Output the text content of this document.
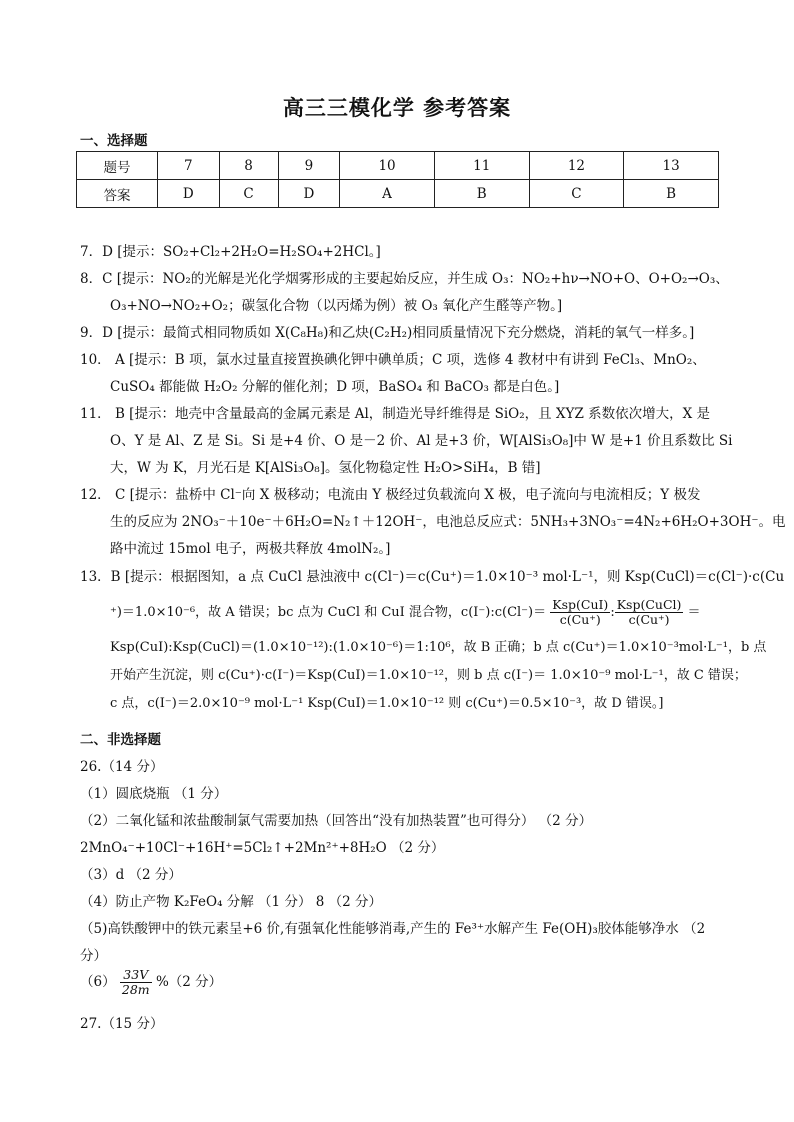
高三三模化学 参考答案
一、选择题
题号	7	8	9	10	11	12	13
答案	D	C	D	A	B	C	B
7．D [提示：SO₂+Cl₂+2H₂O=H₂SO₄+2HCl。]
8．C [提示：NO₂的光解是光化学烟雾形成的主要起始反应，并生成 O₃：NO₂+hν→NO+O、O+O₂→O₃、
O₃+NO→NO₂+O₂；碳氢化合物（以丙烯为例）被 O₃ 氧化产生醛等产物。]
9．D [提示：最简式相同物质如 X(C₈H₈)和乙炔(C₂H₂)相同质量情况下充分燃烧，消耗的氧气一样多。]
10． A [提示：B 项，氯水过量直接置换碘化钾中碘单质；C 项，选修 4 教材中有讲到 FeCl₃、MnO₂、
CuSO₄ 都能做 H₂O₂ 分解的催化剂；D 项，BaSO₄ 和 BaCO₃ 都是白色。]
11． B [提示：地壳中含量最高的金属元素是 Al，制造光导纤维得是 SiO₂，且 XYZ 系数依次增大，X 是
O、Y 是 Al、Z 是 Si。Si 是+4 价、O 是－2 价、Al 是+3 价，W[AlSi₃O₈]中 W 是+1 价且系数比 Si
大，W 为 K，月光石是 K[AlSi₃O₈]。氢化物稳定性 H₂O>SiH₄，B 错]
12． C [提示：盐桥中 Cl⁻向 X 极移动；电流由 Y 极经过负载流向 X 极，电子流向与电流相反；Y 极发
生的反应为 2NO₃⁻＋10e⁻＋6H₂O=N₂↑＋12OH⁻，电池总反应式：5NH₃+3NO₃⁻=4N₂+6H₂O+3OH⁻。电
路中流过 15mol 电子，两极共释放 4molN₂。]
13．B [提示：根据图知，a 点 CuCl 悬浊液中 c(Cl⁻)＝c(Cu⁺)＝1.0×10⁻³ mol·L⁻¹，则 Ksp(CuCl)＝c(Cl⁻)·c(Cu
⁺)＝1.0×10⁻⁶，故 A 错误；bc 点为 CuCl 和 CuI 混合物，c(I⁻):c(Cl⁻)＝ $\frac{\text{Ksp(CuI)}}{c(Cu^+)}$ : $\frac{\text{Ksp(CuCl)}}{c(Cu^+)}$ ＝
Ksp(CuI):Ksp(CuCl)＝(1.0×10⁻¹²):(1.0×10⁻⁶)＝1:10⁶，故 B 正确；b 点 c(Cu⁺)＝1.0×10⁻³mol·L⁻¹，b 点
开始产生沉淀，则 c(Cu⁺)·c(I⁻)＝Ksp(CuI)＝1.0×10⁻¹²，则 b 点 c(I⁻)＝ 1.0×10⁻⁹ mol·L⁻¹，故 C 错误；
c 点，c(I⁻)＝2.0×10⁻⁹ mol·L⁻¹ Ksp(CuI)＝1.0×10⁻¹² 则 c(Cu⁺)＝0.5×10⁻³，故 D 错误。]
二、非选择题
26.（14 分）
（1）圆底烧瓶 （1 分）
（2）二氧化锰和浓盐酸制氯气需要加热（回答出“没有加热装置”也可得分） （2 分）
2MnO₄⁻+10Cl⁻+16H⁺=5Cl₂↑+2Mn²⁺+8H₂O （2 分）
（3）d （2 分）
（4）防止产物 K₂FeO₄ 分解 （1 分） 8 （2 分）
（5)高铁酸钾中的铁元素呈+6 价,有强氧化性能够消毒,产生的 Fe³⁺水解产生 Fe(OH)₃胶体能够净水 （2
分）
$(6) \frac{33V}{28m} \%(2$ 分）
27.（15 分）
